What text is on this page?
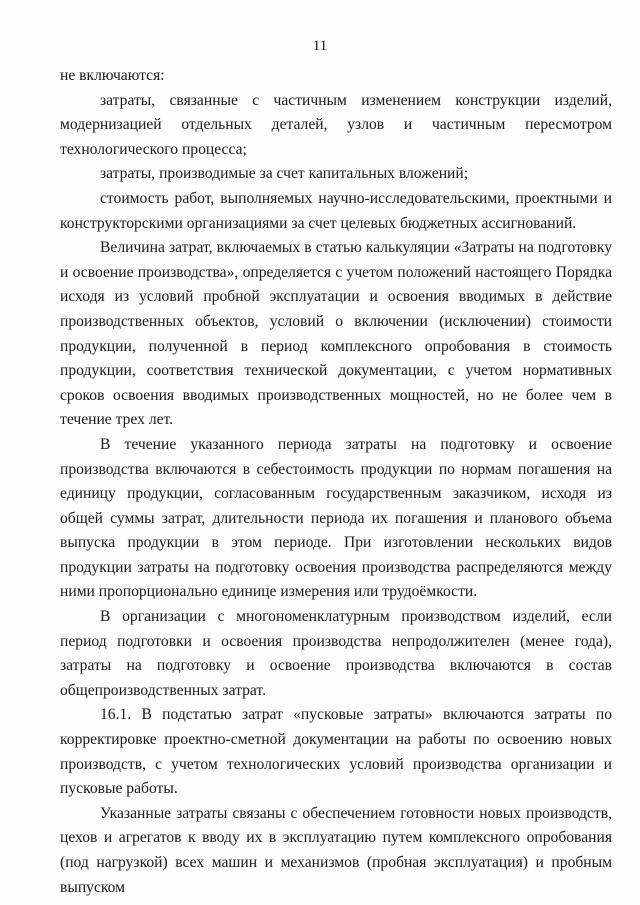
11

не включаются:

затраты, связанные с частичным изменением конструкции изделий, модернизацией отдельных деталей, узлов и частичным пересмотром технологического процесса;

затраты, производимые за счет капитальных вложений;

стоимость работ, выполняемых научно-исследовательскими, проектными и конструкторскими организациями за счет целевых бюджетных ассигнований.

Величина затрат, включаемых в статью калькуляции «Затраты на подготовку и освоение производства», определяется с учетом положений настоящего Порядка исходя из условий пробной эксплуатации и освоения вводимых в действие производственных объектов, условий о включении (исключении) стоимости продукции, полученной в период комплексного опробования в стоимость продукции, соответствия технической документации, с учетом нормативных сроков освоения вводимых производственных мощностей, но не более чем в течение трех лет.

В течение указанного периода затраты на подготовку и освоение производства включаются в себестоимость продукции по нормам погашения на единицу продукции, согласованным государственным заказчиком, исходя из общей суммы затрат, длительности периода их погашения и планового объема выпуска продукции в этом периоде. При изготовлении нескольких видов продукции затраты на подготовку освоения производства распределяются между ними пропорционально единице измерения или трудоёмкости.

В организации с многономенклатурным производством изделий, если период подготовки и освоения производства непродолжителен (менее года), затраты на подготовку и освоение производства включаются в состав общепроизводственных затрат.

16.1. В подстатью затрат «пусковые затраты» включаются затраты по корректировке проектно-сметной документации на работы по освоению новых производств, с учетом технологических условий производства организации и пусковые работы.

Указанные затраты связаны с обеспечением готовности новых производств, цехов и агрегатов к вводу их в эксплуатацию путем комплексного опробования (под нагрузкой) всех машин и механизмов (пробная эксплуатация) и пробным выпуском
